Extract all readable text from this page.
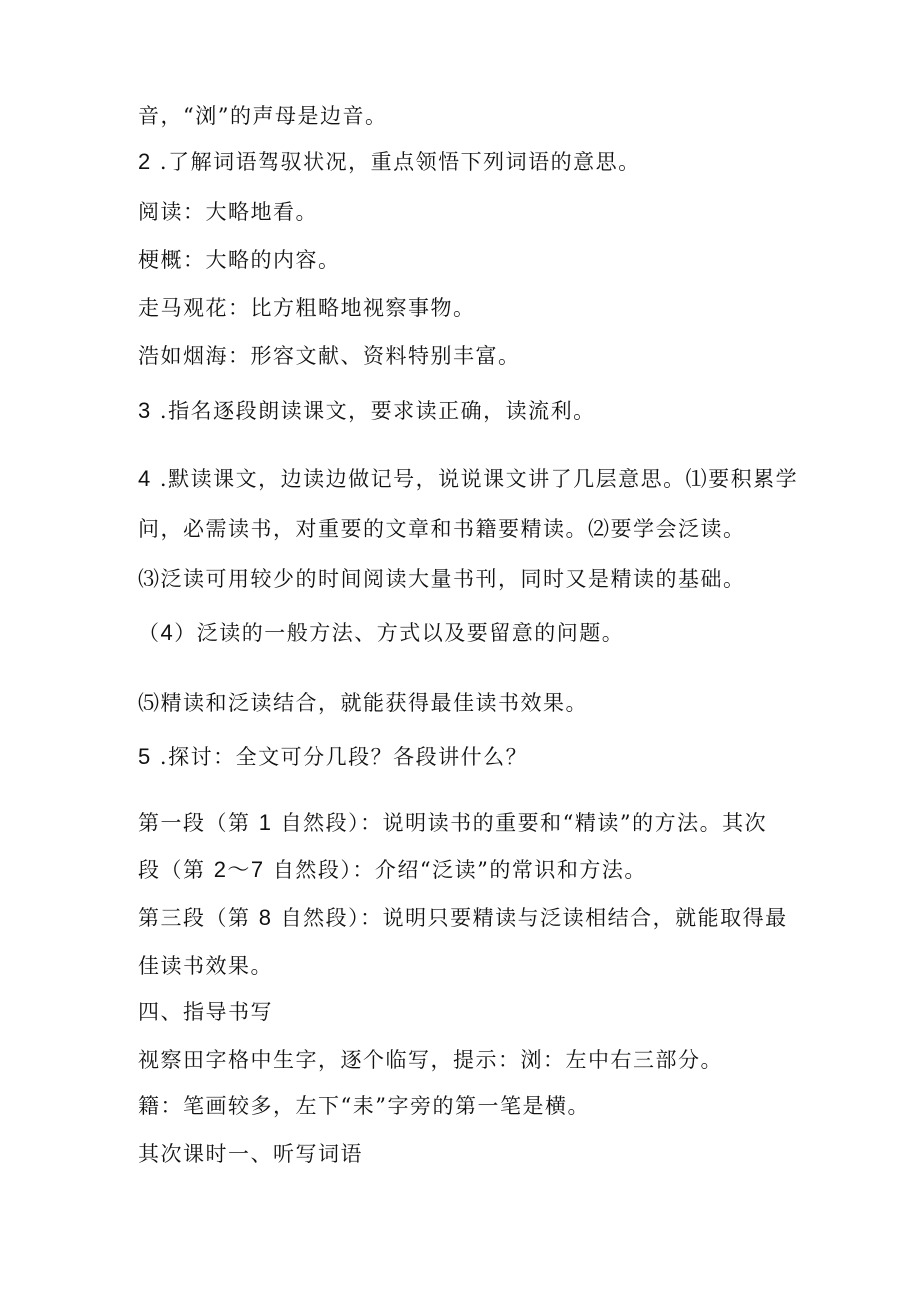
音，“浏”的声母是边音。
2 .了解词语驾驭状况，重点领悟下列词语的意思。
阅读：大略地看。
梗概：大略的内容。
走马观花：比方粗略地视察事物。
浩如烟海：形容文献、资料特别丰富。
3 .指名逐段朗读课文，要求读正确，读流利。
4 .默读课文，边读边做记号，说说课文讲了几层意思。⑴要积累学
问，必需读书，对重要的文章和书籍要精读。⑵要学会泛读。
⑶泛读可用较少的时间阅读大量书刊，同时又是精读的基础。
（4）泛读的一般方法、方式以及要留意的问题。
⑸精读和泛读结合，就能获得最佳读书效果。
5 .探讨：全文可分几段？各段讲什么？
第一段（第 1 自然段）：说明读书的重要和“精读”的方法。其次
段（第 2～7 自然段）：介绍“泛读”的常识和方法。
第三段（第 8 自然段）：说明只要精读与泛读相结合，就能取得最
佳读书效果。
四、指导书写
视察田字格中生字，逐个临写，提示：浏：左中右三部分。
籍：笔画较多，左下“耒”字旁的第一笔是横。
其次课时一、听写词语
